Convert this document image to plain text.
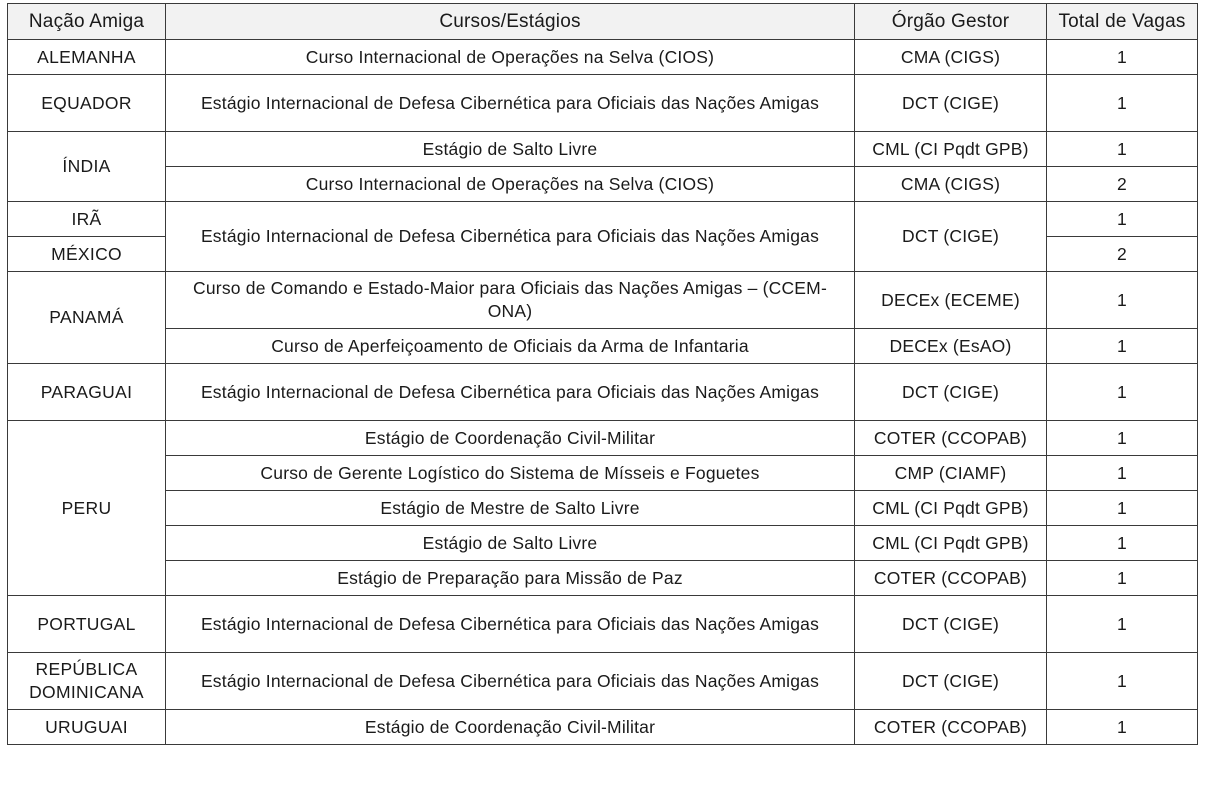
Nação Amiga	Cursos/Estágios	Órgão Gestor	Total de Vagas
ALEMANHA	Curso Internacional de Operações na Selva (CIOS)	CMA (CIGS)	1
EQUADOR	Estágio Internacional de Defesa Cibernética para Oficiais das Nações Amigas	DCT (CIGE)	1
ÍNDIA	Estágio de Salto Livre	CML (CI Pqdt GPB)	1
	Curso Internacional de Operações na Selva (CIOS)	CMA (CIGS)	2
IRÃ	Estágio Internacional de Defesa Cibernética para Oficiais das Nações Amigas	DCT (CIGE)	1
MÉXICO			2
PANAMÁ	Curso de Comando e Estado-Maior para Oficiais das Nações Amigas – (CCEM-ONA)	DECEx (ECEME)	1
	Curso de Aperfeiçoamento de Oficiais da Arma de Infantaria	DECEx (EsAO)	1
PARAGUAI	Estágio Internacional de Defesa Cibernética para Oficiais das Nações Amigas	DCT (CIGE)	1
PERU	Estágio de Coordenação Civil-Militar	COTER (CCOPAB)	1
	Curso de Gerente Logístico do Sistema de Mísseis e Foguetes	CMP (CIAMF)	1
	Estágio de Mestre de Salto Livre	CML (CI Pqdt GPB)	1
	Estágio de Salto Livre	CML (CI Pqdt GPB)	1
	Estágio de Preparação para Missão de Paz	COTER (CCOPAB)	1
PORTUGAL	Estágio Internacional de Defesa Cibernética para Oficiais das Nações Amigas	DCT (CIGE)	1
REPÚBLICA DOMINICANA	Estágio Internacional de Defesa Cibernética para Oficiais das Nações Amigas	DCT (CIGE)	1
URUGUAI	Estágio de Coordenação Civil-Militar	COTER (CCOPAB)	1
